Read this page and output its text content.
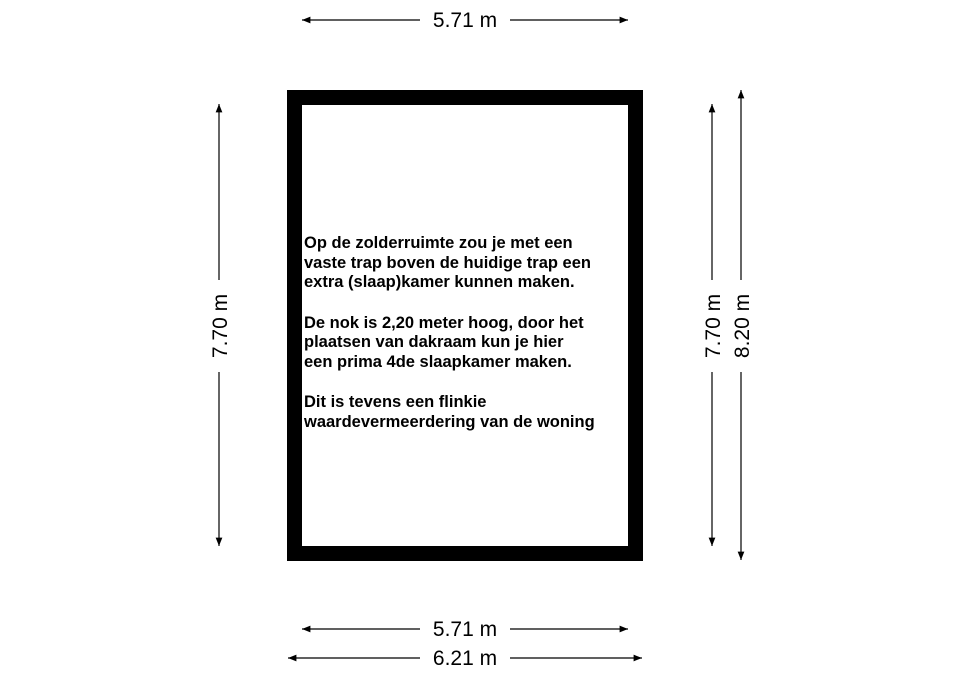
5.71 m
5.71 m
6.21 m
7.70 m	7.70 m 8.20 m

Op de zolderruimte zou je met een
vaste trap boven de huidige trap een
extra (slaap)kamer kunnen maken.

De nok is 2,20 meter hoog, door het
plaatsen van dakraam kun je hier
een prima 4de slaapkamer maken.

Dit is tevens een flinkie
waardevermeerdering van de woning
